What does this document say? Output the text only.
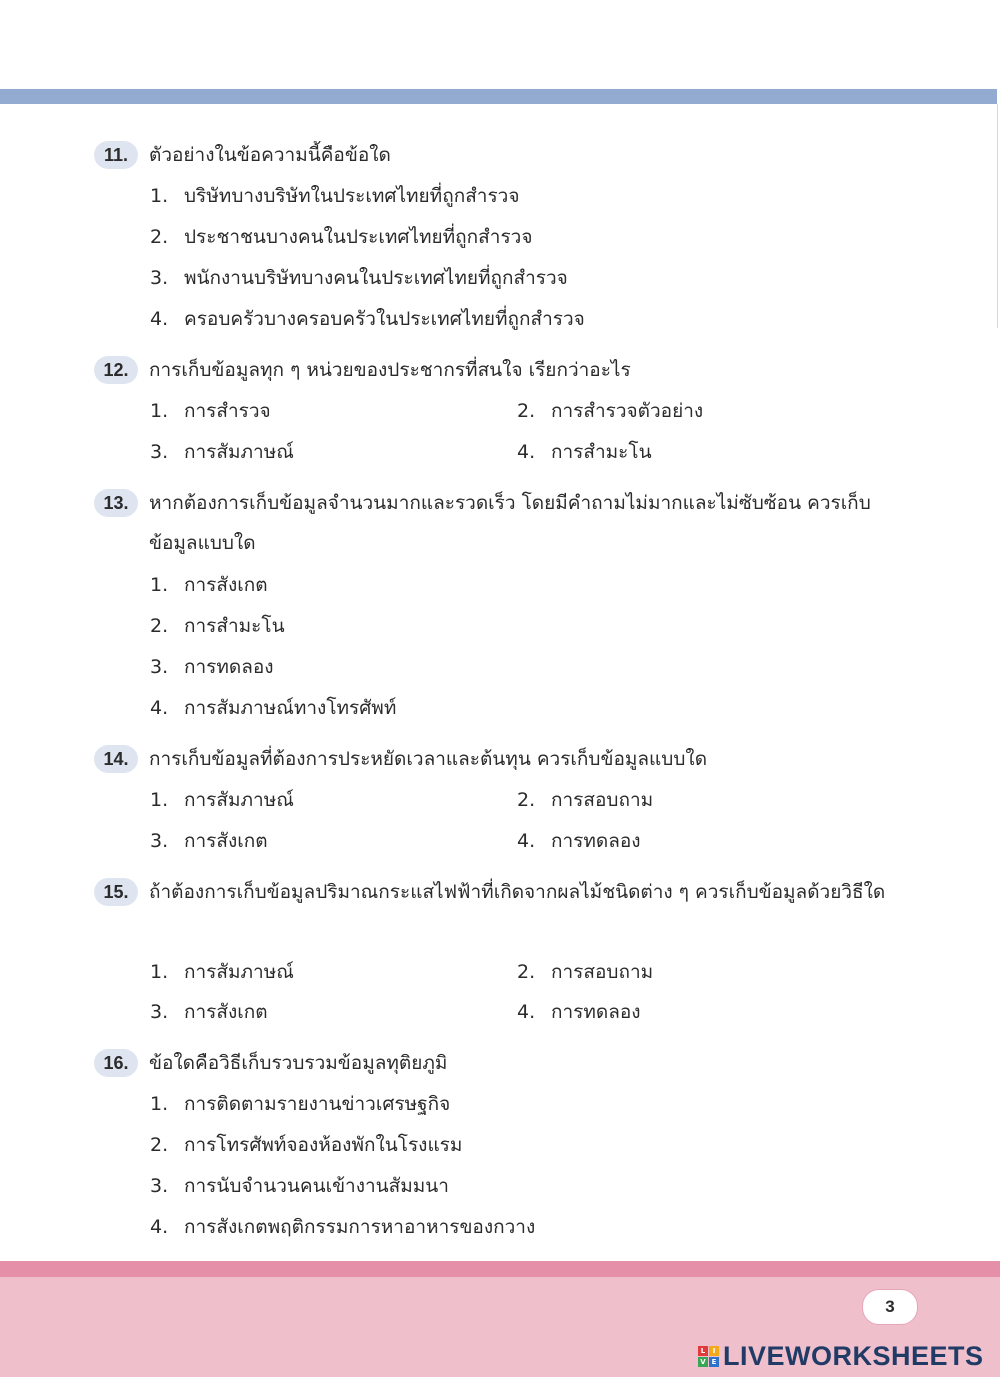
11.	ตัวอย่างในข้อความนี้คือข้อใด
1. บริษัทบางบริษัทในประเทศไทยที่ถูกสำรวจ
2. ประชาชนบางคนในประเทศไทยที่ถูกสำรวจ
3. พนักงานบริษัทบางคนในประเทศไทยที่ถูกสำรวจ
4. ครอบครัวบางครอบครัวในประเทศไทยที่ถูกสำรวจ
12.	การเก็บข้อมูลทุก ๆ หน่วยของประชากรที่สนใจ เรียกว่าอะไร
1. การสำรวจ	2. การสำรวจตัวอย่าง
3. การสัมภาษณ์	4. การสำมะโน
13.	หากต้องการเก็บข้อมูลจำนวนมากและรวดเร็ว โดยมีคำถามไม่มากและไม่ซับซ้อน ควรเก็บข้อมูลแบบใด
1. การสังเกต
2. การสำมะโน
3. การทดลอง
4. การสัมภาษณ์ทางโทรศัพท์
14.	การเก็บข้อมูลที่ต้องการประหยัดเวลาและต้นทุน ควรเก็บข้อมูลแบบใด
1. การสัมภาษณ์	2. การสอบถาม
3. การสังเกต	4. การทดลอง
15.	ถ้าต้องการเก็บข้อมูลปริมาณกระแสไฟฟ้าที่เกิดจากผลไม้ชนิดต่าง ๆ ควรเก็บข้อมูลด้วยวิธีใด
1. การสัมภาษณ์	2. การสอบถาม
3. การสังเกต	4. การทดลอง
16.	ข้อใดคือวิธีเก็บรวบรวมข้อมูลทุติยภูมิ
1. การติดตามรายงานข่าวเศรษฐกิจ
2. การโทรศัพท์จองห้องพักในโรงแรม
3. การนับจำนวนคนเข้างานสัมมนา
4. การสังเกตพฤติกรรมการหาอาหารของกวาง
3
L	I
V E LIVEWORKSHEETS
